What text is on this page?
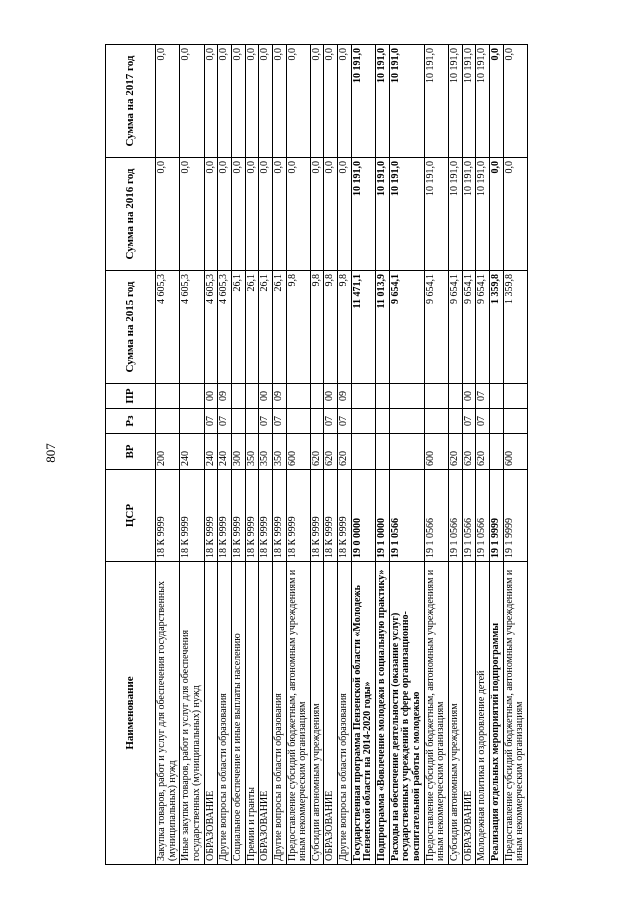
807
Наименование	ЦСР	ВР	Рз	ПР	Сумма на 2015 год	Сумма на 2016 год	Сумма на 2017 год
Закупка товаров, работ и услуг для обеспечения государственных (муниципальных) нужд	18 К 9999	200			4 605,3	0,0	0,0
Иные закупки товаров, работ и услуг для обеспечения государственных (муниципальных) нужд	18 К 9999	240			4 605,3	0,0	0,0
ОБРАЗОВАНИЕ	18 К 9999	240	07	00	4 605,3	0,0	0,0
Другие вопросы в области образования	18 К 9999	240	07	09	4 605,3	0,0	0,0
Социальное обеспечение и иные выплаты населению	18 К 9999	300			26,1	0,0	0,0
Премии и гранты	18 К 9999	350			26,1	0,0	0,0
ОБРАЗОВАНИЕ	18 К 9999	350	07	00	26,1	0,0	0,0
Другие вопросы в области образования	18 К 9999	350	07	09	26,1	0,0	0,0
Предоставление субсидий бюджетным, автономным учреждениям и иным некоммерческим организациям	18 К 9999	600			9,8	0,0	0,0
Субсидии автономным учреждениям	18 К 9999	620			9,8	0,0	0,0
ОБРАЗОВАНИЕ	18 К 9999	620	07	00	9,8	0,0	0,0
Другие вопросы в области образования	18 К 9999	620	07	09	9,8	0,0	0,0
Государственная программа Пензенской области «Молодежь Пензенской области на 2014-2020 годы»	19 0 0000				11 471,1	10 191,0	10 191,0
Подпрограмма «Вовлечение молодежи в социальную практику»	19 1 0000				11 013,9	10 191,0	10 191,0
Расходы на обеспечение деятельности (оказание услуг) государственных учреждений в сфере организационно-воспитательной работы с молодежью	19 1 0566				9 654,1	10 191,0	10 191,0
Предоставление субсидий бюджетным, автономным учреждениям и иным некоммерческим организациям	19 1 0566	600			9 654,1	10 191,0	10 191,0
Субсидии автономным учреждениям	19 1 0566	620			9 654,1	10 191,0	10 191,0
ОБРАЗОВАНИЕ	19 1 0566	620	07	00	9 654,1	10 191,0	10 191,0
Молодежная политика и оздоровление детей	19 1 0566	620	07	07	9 654,1	10 191,0	10 191,0
Реализация отдельных мероприятий подпрограммы	19 1 9999				1 359,8	0,0	0,0
Предоставление субсидий бюджетным, автономным учреждениям и иным некоммерческим организациям	19 1 9999	600			1 359,8	0,0	0,0
